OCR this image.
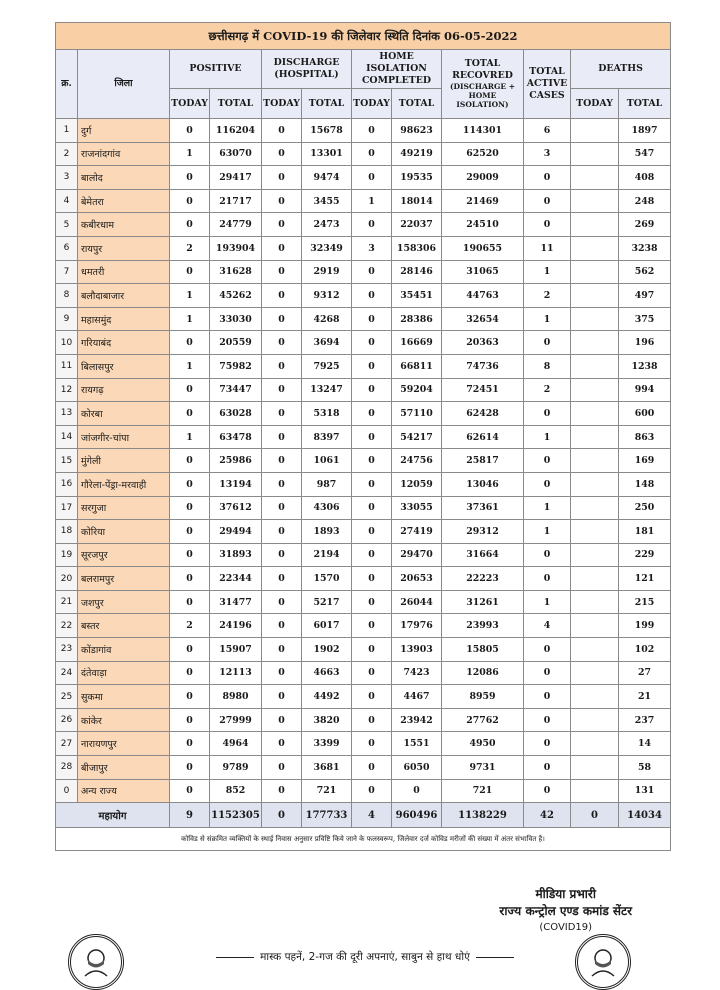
छत्तीसगढ़ में COVID-19 की जिलेवार स्थिति दिनांक 06-05-2022											
क्र.	जिला	POSITIVE		DISCHARGE (HOSPITAL)		HOME ISOLATION COMPLETED		TOTAL RECOVRED
(DISCHARGE + HOME ISOLATION)	TOTAL ACTIVE CASES	DEATHS	
		TODAY	TOTAL	TODAY	TOTAL	TODAY	TOTAL			TODAY	TOTAL
1	दुर्ग	0	116204	0	15678	0	98623	114301	6		1897
2	राजनांदगांव	1	63070	0	13301	0	49219	62520	3		547
3	बालोद	0	29417	0	9474	0	19535	29009	0		408
4	बेमेतरा	0	21717	0	3455	1	18014	21469	0		248
5	कबीरधाम	0	24779	0	2473	0	22037	24510	0		269
6	रायपुर	2	193904	0	32349	3	158306	190655	11		3238
7	धमतरी	0	31628	0	2919	0	28146	31065	1		562
8	बलौदाबाजार	1	45262	0	9312	0	35451	44763	2		497
9	महासमुंद	1	33030	0	4268	0	28386	32654	1		375
10	गरियाबंद	0	20559	0	3694	0	16669	20363	0		196
11	बिलासपुर	1	75982	0	7925	0	66811	74736	8		1238
12	रायगढ़	0	73447	0	13247	0	59204	72451	2		994
13	कोरबा	0	63028	0	5318	0	57110	62428	0		600
14	जांजगीर-चांपा	1	63478	0	8397	0	54217	62614	1		863
15	मुंगेली	0	25986	0	1061	0	24756	25817	0		169
16	गौरेला-पेंड्रा-मरवाही	0	13194	0	987	0	12059	13046	0		148
17	सरगुजा	0	37612	0	4306	0	33055	37361	1		250
18	कोरिया	0	29494	0	1893	0	27419	29312	1		181
19	सूरजपुर	0	31893	0	2194	0	29470	31664	0		229
20	बलरामपुर	0	22344	0	1570	0	20653	22223	0		121
21	जशपुर	0	31477	0	5217	0	26044	31261	1		215
22	बस्तर	2	24196	0	6017	0	17976	23993	4		199
23	कोंडागांव	0	15907	0	1902	0	13903	15805	0		102
24	दंतेवाड़ा	0	12113	0	4663	0	7423	12086	0		27
25	सुकमा	0	8980	0	4492	0	4467	8959	0		21
26	कांकेर	0	27999	0	3820	0	23942	27762	0		237
27	नारायणपुर	0	4964	0	3399	0	1551	4950	0		14
28	बीजापुर	0	9789	0	3681	0	6050	9731	0		58
0	अन्य राज्य	0	852	0	721	0	0	721	0		131
महायोग		9	1152305	0	177733	4	960496	1138229	42	0	14034
कोविड से संक्रमित व्यक्तियों के स्थाई निवास अनुसार प्रविष्टि किये जाने के फलस्वरूप, जिलेवार दर्ज कोविड मरीजों की संख्या में अंतर संभावित है।											
मीडिया प्रभारी
राज्य कन्ट्रोल एण्ड कमांड सेंटर
(COVID19)
मास्क पहनें, 2-गज की दूरी अपनाएं, साबुन से हाथ धोएं
